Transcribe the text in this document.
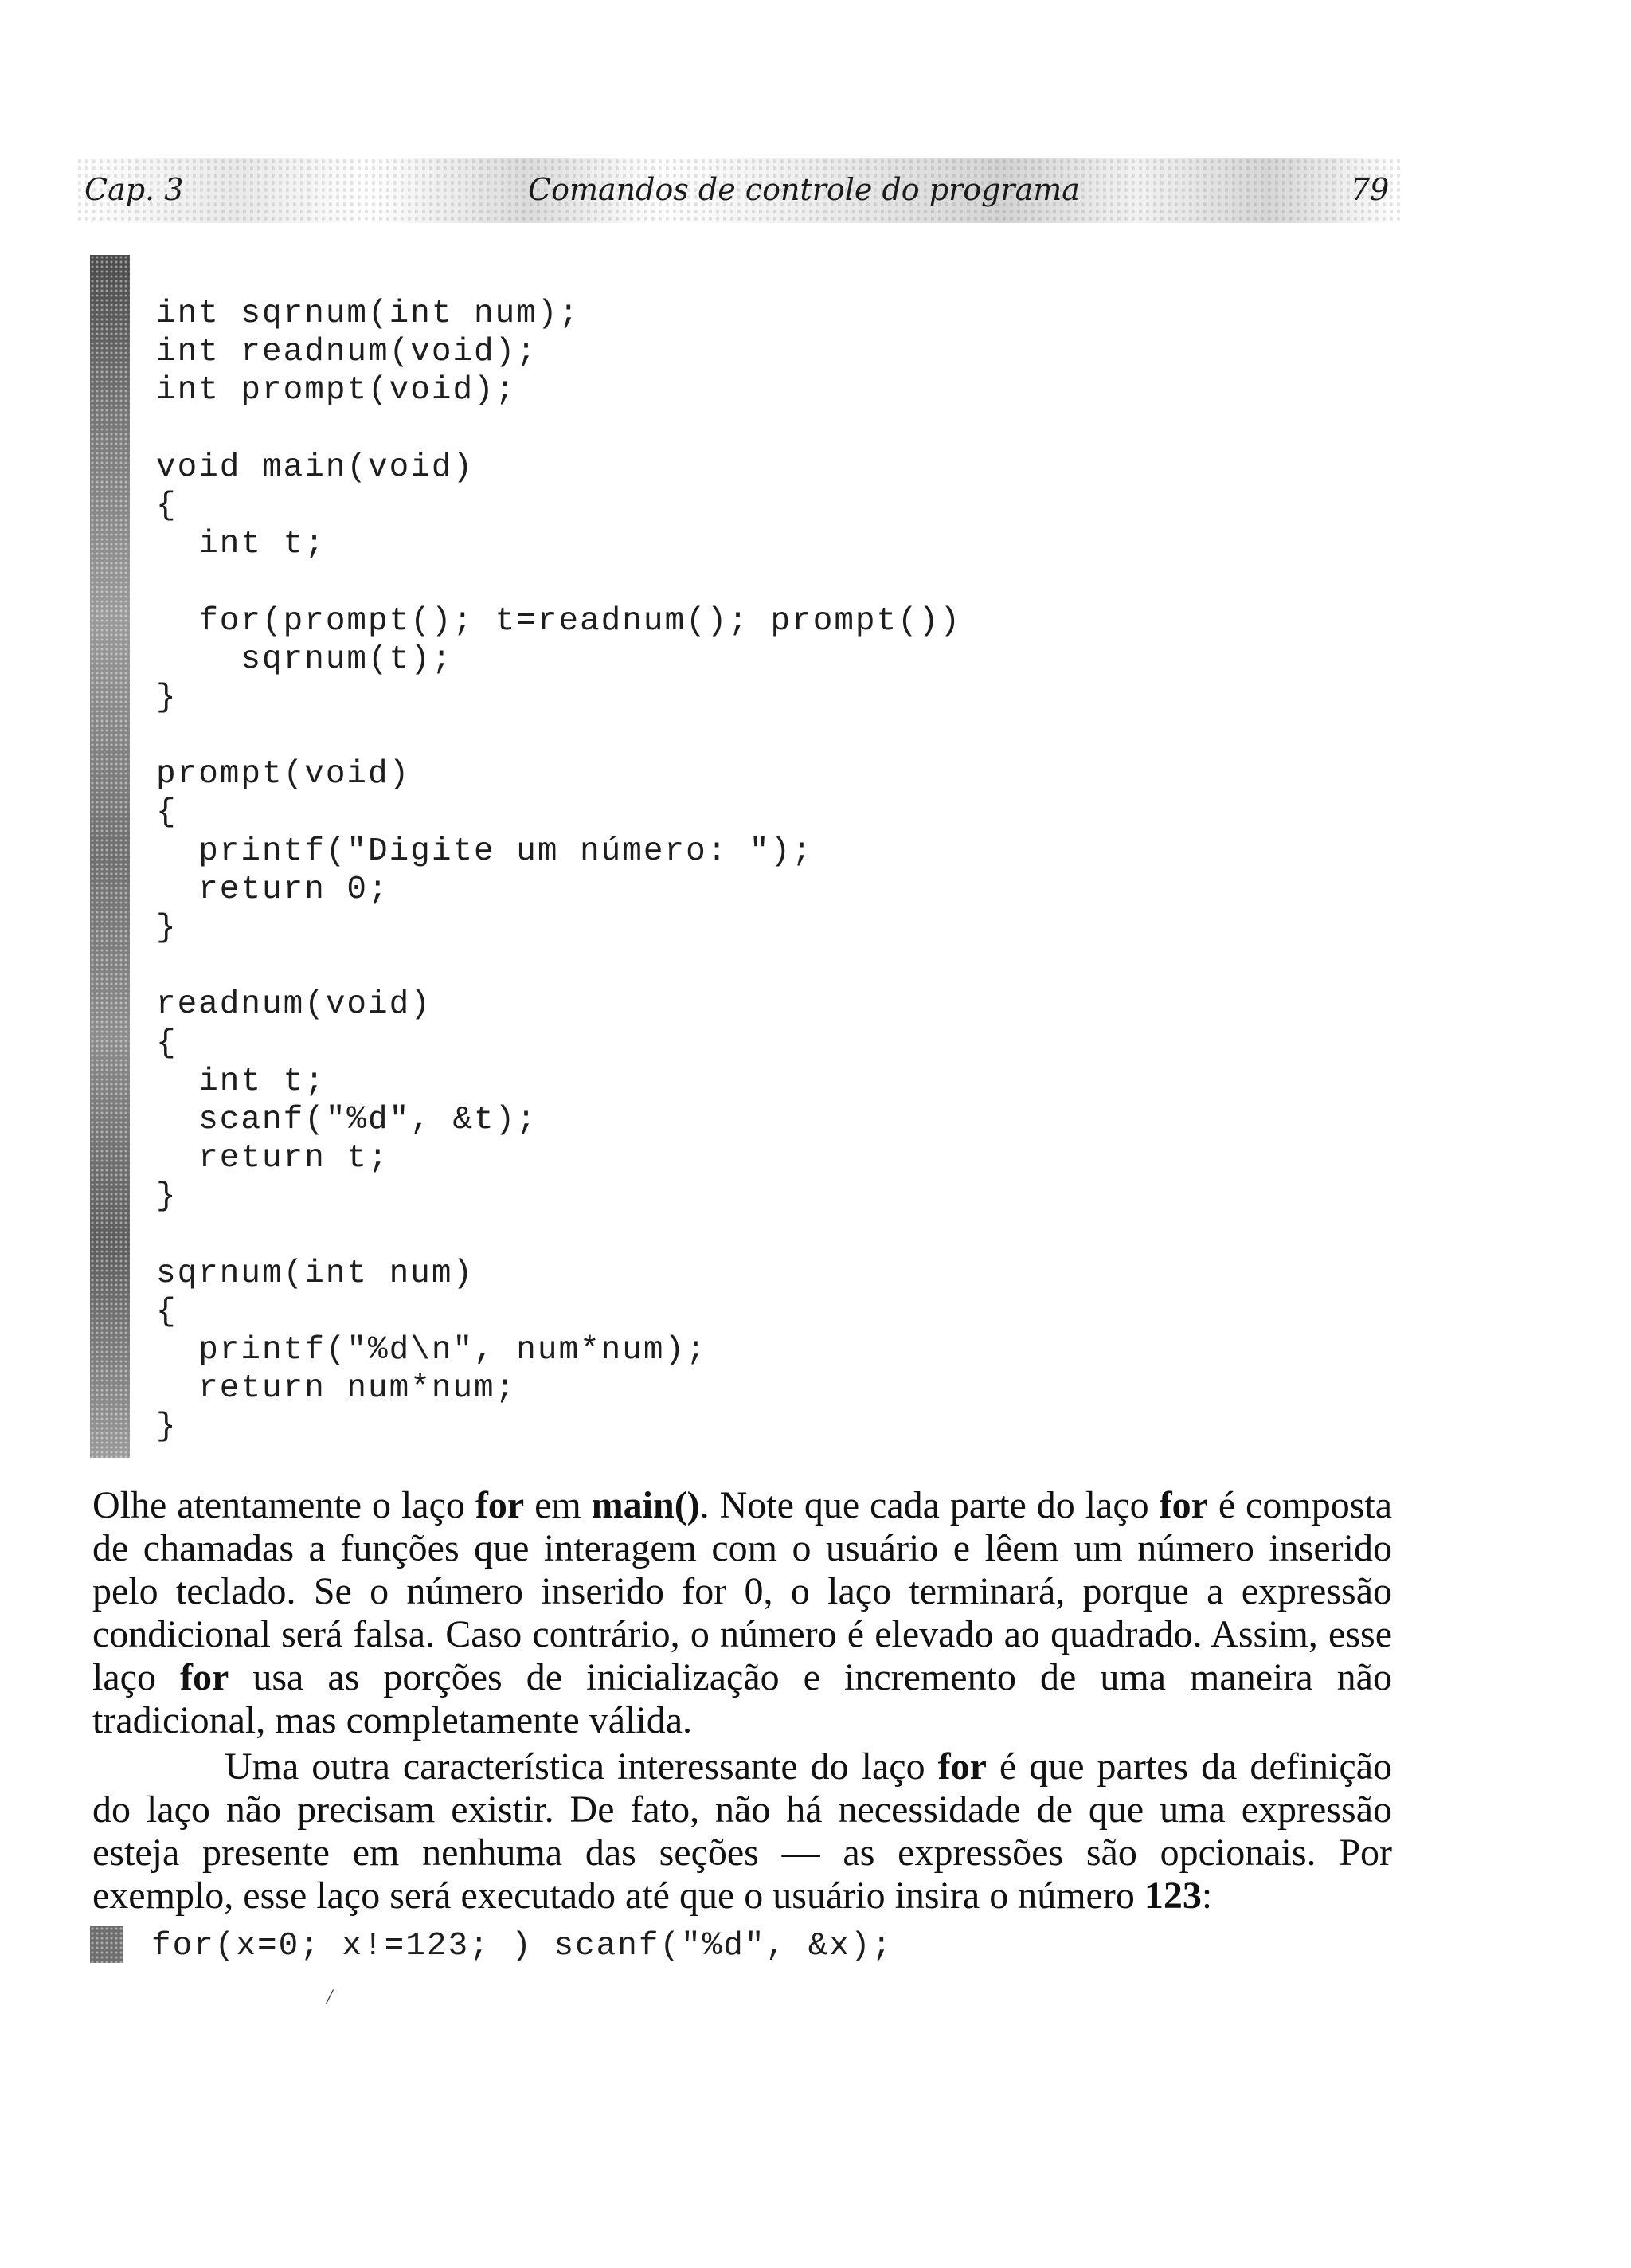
Cap. 3	Comandos de controle do programa	79
int sqrnum(int num);
int readnum(void);
int prompt(void);
void main(void)
{
int t;
for(prompt(); t=readnum(); prompt())
sqrnum(t);
}
prompt(void)
{
printf("Digite um número: ");
return 0;
}
readnum(void)
{
int t;
scanf("%d", &t);
return t;
}
sqrnum(int num)
{
printf("%d\n", num*num);
return num*num;
}

Olhe atentamente o laço for em main(). Note que cada parte do laço for é composta de chamadas a funções que interagem com o usuário e lêem um número inserido pelo teclado. Se o número inserido for 0, o laço terminará, porque a expressão condicional será falsa. Caso contrário, o número é elevado ao quadrado. Assim, esse laço for usa as porções de inicialização e incremento de uma maneira não tradicional, mas completamente válida.

Uma outra característica interessante do laço for é que partes da definição do laço não precisam existir. De fato, não há necessidade de que uma expressão esteja presente em nenhuma das seções — as expressões são opcionais. Por exemplo, esse laço será executado até que o usuário insira o número 123:

for(x=0; x!=123; ) scanf("%d", &x);
/
